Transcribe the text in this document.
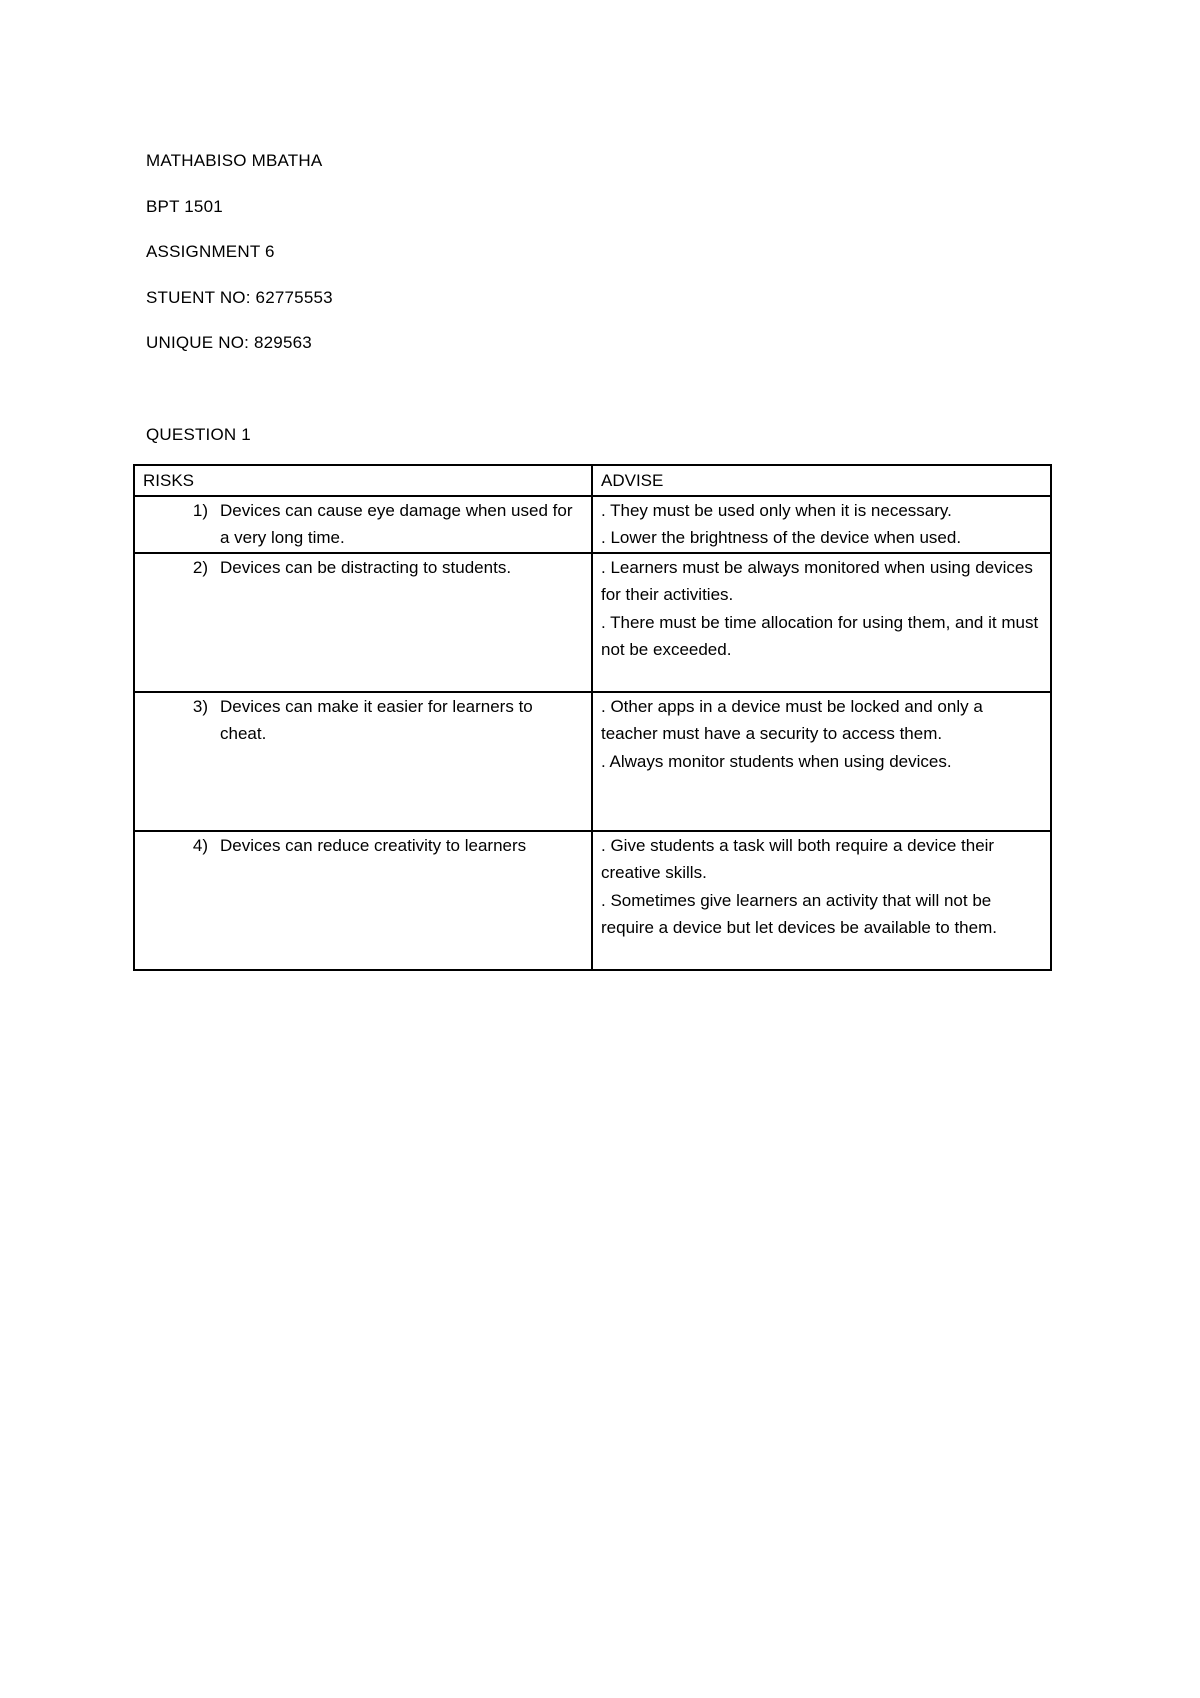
MATHABISO MBATHA
BPT 1501
ASSIGNMENT 6
STUENT NO: 62775553
UNIQUE NO: 829563
QUESTION 1
RISKS	ADVISE

1) Devices can cause eye damage when used for a very long time.	. They must be used only when it is necessary.
. Lower the brightness of the device when used.

2) Devices can be distracting to students.	. Learners must be always monitored when using devices for their activities.
. There must be time allocation for using them, and it must not be exceeded.

3) Devices can make it easier for learners to cheat.	. Other apps in a device must be locked and only a teacher must have a security to access them.
. Always monitor students when using devices.

4) Devices can reduce creativity to learners	. Give students a task will both require a device their creative skills.
. Sometimes give learners an activity that will not be require a device but let devices be available to them.
